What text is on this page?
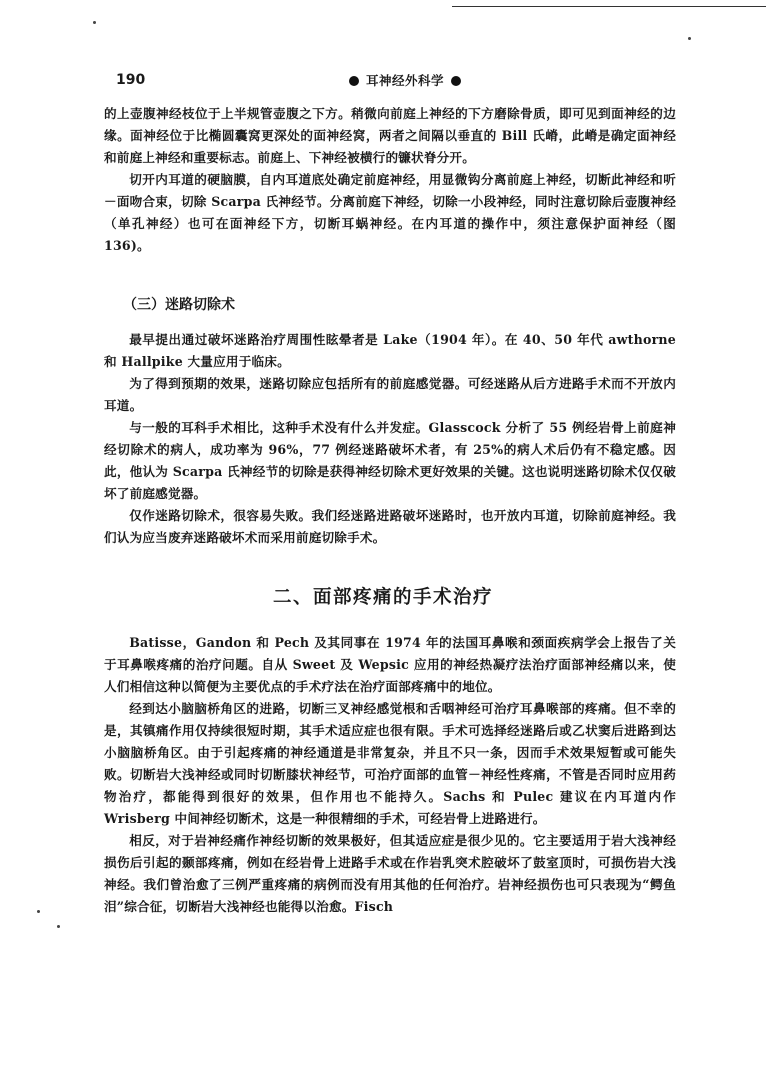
190	耳神经外科学

的上壶腹神经枝位于上半规管壶腹之下方。稍微向前庭上神经的下方磨除骨质，即可见到面神经的边缘。面神经位于比椭圆囊窝更深处的面神经窝，两者之间隔以垂直的 Bill 氏嵴，此嵴是确定面神经和前庭上神经和重要标志。前庭上、下神经被横行的镰状脊分开。

切开内耳道的硬脑膜，自内耳道底处确定前庭神经，用显微钩分离前庭上神经，切断此神经和听－面吻合束，切除 Scarpa 氏神经节。分离前庭下神经，切除一小段神经，同时注意切除后壶腹神经（单孔神经）也可在面神经下方，切断耳蜗神经。在内耳道的操作中，须注意保护面神经（图 136)。

（三）迷路切除术

最早提出通过破坏迷路治疗周围性眩晕者是 Lake（1904 年）。在 40、50 年代 awthorne 和 Hallpike 大量应用于临床。

为了得到预期的效果，迷路切除应包括所有的前庭感觉器。可经迷路从后方进路手术而不开放内耳道。

与一般的耳科手术相比，这种手术没有什么并发症。Glasscock 分析了 55 例经岩骨上前庭神经切除术的病人，成功率为 96%，77 例经迷路破坏术者，有 25%的病人术后仍有不稳定感。因此，他认为 Scarpa 氏神经节的切除是获得神经切除术更好效果的关键。这也说明迷路切除术仅仅破坏了前庭感觉器。

仅作迷路切除术，很容易失败。我们经迷路进路破坏迷路时，也开放内耳道，切除前庭神经。我们认为应当废弃迷路破坏术而采用前庭切除手术。

二、面部疼痛的手术治疗

Batisse，Gandon 和 Pech 及其同事在 1974 年的法国耳鼻喉和颈面疾病学会上报告了关于耳鼻喉疼痛的治疗问题。自从 Sweet 及 Wepsic 应用的神经热凝疗法治疗面部神经痛以来，使人们相信这种以简便为主要优点的手术疗法在治疗面部疼痛中的地位。

经到达小脑脑桥角区的进路，切断三叉神经感觉根和舌咽神经可治疗耳鼻喉部的疼痛。但不幸的是，其镇痛作用仅持续很短时期，其手术适应症也很有限。手术可选择经迷路后或乙状窦后进路到达小脑脑桥角区。由于引起疼痛的神经通道是非常复杂，并且不只一条，因而手术效果短暂或可能失败。切断岩大浅神经或同时切断膝状神经节，可治疗面部的血管－神经性疼痛，不管是否同时应用药物治疗，都能得到很好的效果，但作用也不能持久。Sachs 和 Pulec 建议在内耳道内作 Wrisberg 中间神经切断术，这是一种很精细的手术，可经岩骨上进路进行。

相反，对于岩神经痛作神经切断的效果极好，但其适应症是很少见的。它主要适用于岩大浅神经损伤后引起的颞部疼痛，例如在经岩骨上进路手术或在作岩乳突术腔破坏了鼓室顶时，可损伤岩大浅神经。我们曾治愈了三例严重疼痛的病例而没有用其他的任何治疗。岩神经损伤也可只表现为“鳄鱼泪”综合征，切断岩大浅神经也能得以治愈。Fisch
